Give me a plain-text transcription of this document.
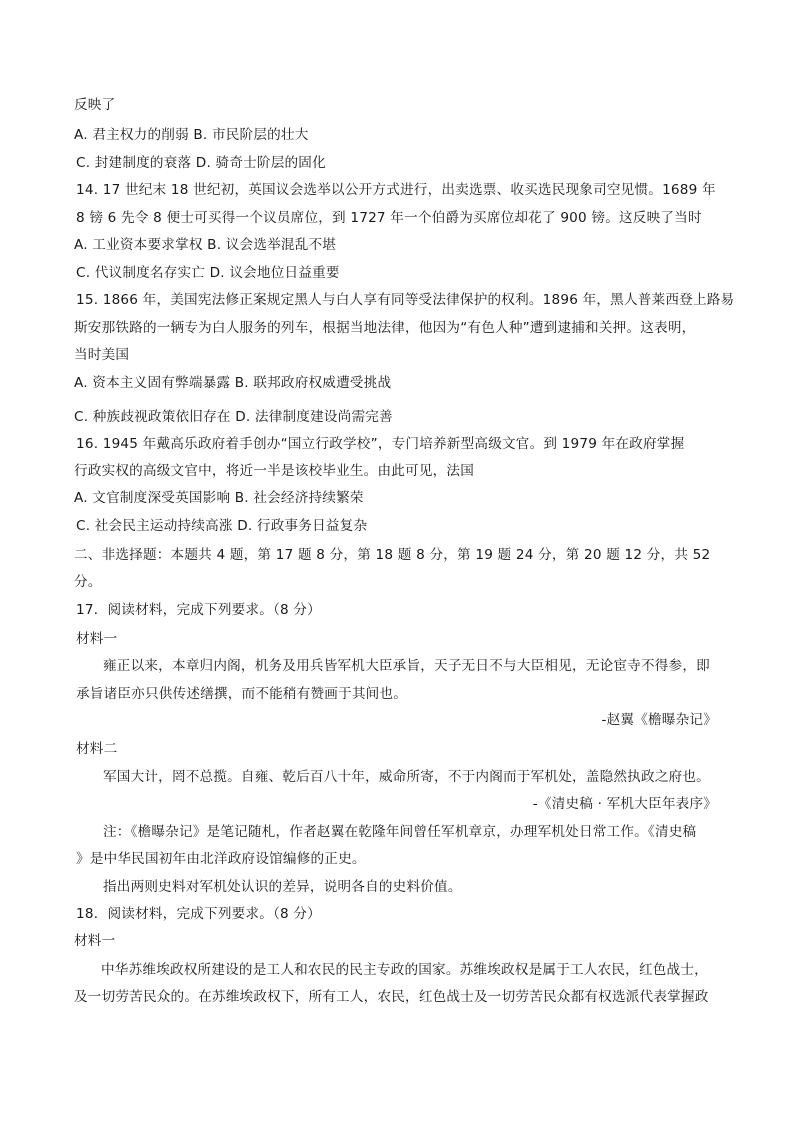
反映了
A. 君主权力的削弱 B. 市民阶层的壮大
C. 封建制度的衰落 D. 骑奇士阶层的固化
14. 17 世纪末 18 世纪初，英国议会选举以公开方式进行，出卖选票、收买选民现象司空见惯。1689 年
8 镑 6 先令 8 便士可买得一个议员席位，到 1727 年一个伯爵为买席位却花了 900 镑。这反映了当时
A. 工业资本要求掌权 B. 议会选举混乱不堪
C. 代议制度名存实亡 D. 议会地位日益重要
15. 1866 年，美国宪法修正案规定黑人与白人享有同等受法律保护的权利。1896 年，黑人普莱西登上路易
斯安那铁路的一辆专为白人服务的列车，根据当地法律，他因为“有色人种”遭到逮捕和关押。这表明，
当时美国
A. 资本主义固有弊端暴露 B. 联邦政府权威遭受挑战
C. 种族歧视政策依旧存在 D. 法律制度建设尚需完善
16. 1945 年戴高乐政府着手创办“国立行政学校”，专门培养新型高级文官。到 1979 年在政府掌握
行政实权的高级文官中，将近一半是该校毕业生。由此可见，法国
A. 文官制度深受英国影响 B. 社会经济持续繁荣
C. 社会民主运动持续高涨 D. 行政事务日益复杂
二、非选择题：本题共 4 题，第 17 题 8 分，第 18 题 8 分，第 19 题 24 分，第 20 题 12 分，共 52
分。
17．阅读材料，完成下列要求。（8 分）
材料一
雍正以来，本章归内阁，机务及用兵皆军机大臣承旨，天子无日不与大臣相见，无论宦寺不得参，即
承旨诸臣亦只供传述缮撰，而不能稍有赞画于其间也。
-赵翼《檐曝杂记》
材料二
军国大计，罔不总揽。自雍、乾后百八十年，威命所寄，不于内阁而于军机处，盖隐然执政之府也。
-《清史稿 · 军机大臣年表序》
注：《檐曝杂记》是笔记随札，作者赵翼在乾隆年间曾任军机章京，办理军机处日常工作。《清史稿
》是中华民国初年由北洋政府设馆编修的正史。
指出两则史料对军机处认识的差异，说明各自的史料价值。
18．阅读材料，完成下列要求。（8 分）
材料一
中华苏维埃政权所建设的是工人和农民的民主专政的国家。苏维埃政权是属于工人农民，红色战士，
及一切劳苦民众的。在苏维埃政权下，所有工人，农民，红色战士及一切劳苦民众都有权选派代表掌握政
